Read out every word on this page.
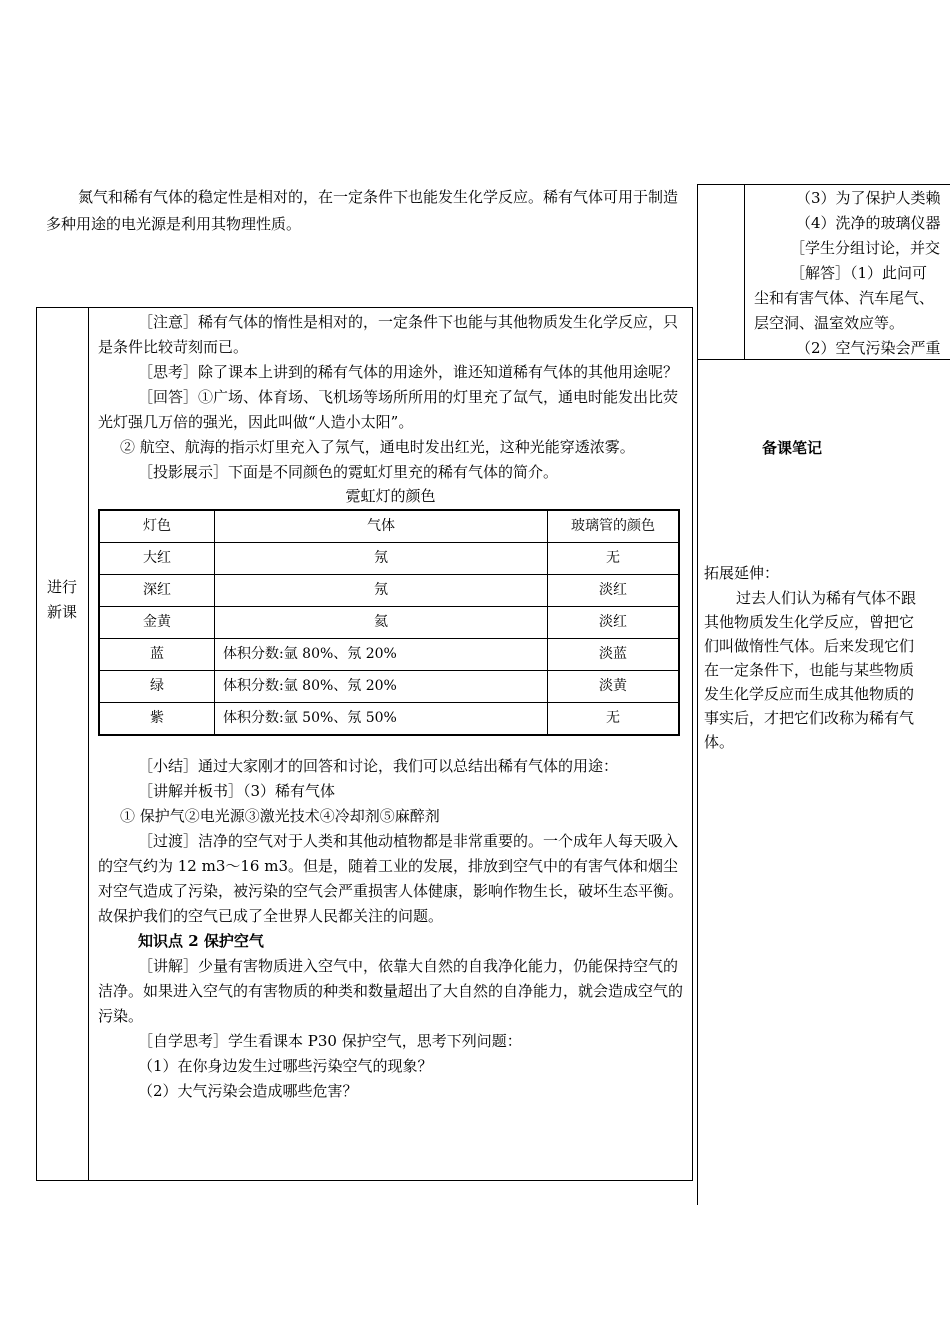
氮气和稀有气体的稳定性是相对的，在一定条件下也能发生化学反应。稀有气体可用于制造多种用途的电光源是利用其物理性质。

（3）为了保护人类赖

（4）洗净的玻璃仪器

［学生分组讨论，并交

［解答］（1）此问可

尘和有害气体、汽车尾气、

层空洞、温室效应等。

（2）空气污染会严重

进行
新课

［注意］稀有气体的惰性是相对的，一定条件下也能与其他物质发生化学反应，只是条件比较苛刻而已。

［思考］除了课本上讲到的稀有气体的用途外，谁还知道稀有气体的其他用途呢？

［回答］①广场、体育场、飞机场等场所所用的灯里充了氙气，通电时能发出比荧光灯强几万倍的强光，因此叫做“人造小太阳”。

② 航空、航海的指示灯里充入了氖气，通电时发出红光，这种光能穿透浓雾。

［投影展示］下面是不同颜色的霓虹灯里充的稀有气体的简介。

霓虹灯的颜色
灯色	气体	玻璃管的颜色
大红	氖	无
深红	氖	淡红
金黄	氦	淡红
蓝	体积分数:氩 80%、氖 20%	淡蓝
绿	体积分数:氩 80%、氖 20%	淡黄
紫	体积分数:氩 50%、氖 50%	无

［小结］通过大家刚才的回答和讨论，我们可以总结出稀有气体的用途：

［讲解并板书］（3）稀有气体

① 保护气②电光源③激光技术④冷却剂⑤麻醉剂

［过渡］洁净的空气对于人类和其他动植物都是非常重要的。一个成年人每天吸入的空气约为 12 m3～16 m3。但是，随着工业的发展，排放到空气中的有害气体和烟尘对空气造成了污染，被污染的空气会严重损害人体健康，影响作物生长，破坏生态平衡。故保护我们的空气已成了全世界人民都关注的问题。

知识点 2 保护空气

［讲解］少量有害物质进入空气中，依靠大自然的自我净化能力，仍能保持空气的洁净。如果进入空气的有害物质的种类和数量超出了大自然的自净能力，就会造成空气的污染。

［自学思考］学生看课本 P30 保护空气，思考下列问题：

（1）在你身边发生过哪些污染空气的现象？

（2）大气污染会造成哪些危害？

备课笔记
拓展延伸：
过去人们认为稀有气体不跟其他物质发生化学反应，曾把它们叫做惰性气体。后来发现它们在一定条件下，也能与某些物质发生化学反应而生成其他物质的事实后，才把它们改称为稀有气体。
